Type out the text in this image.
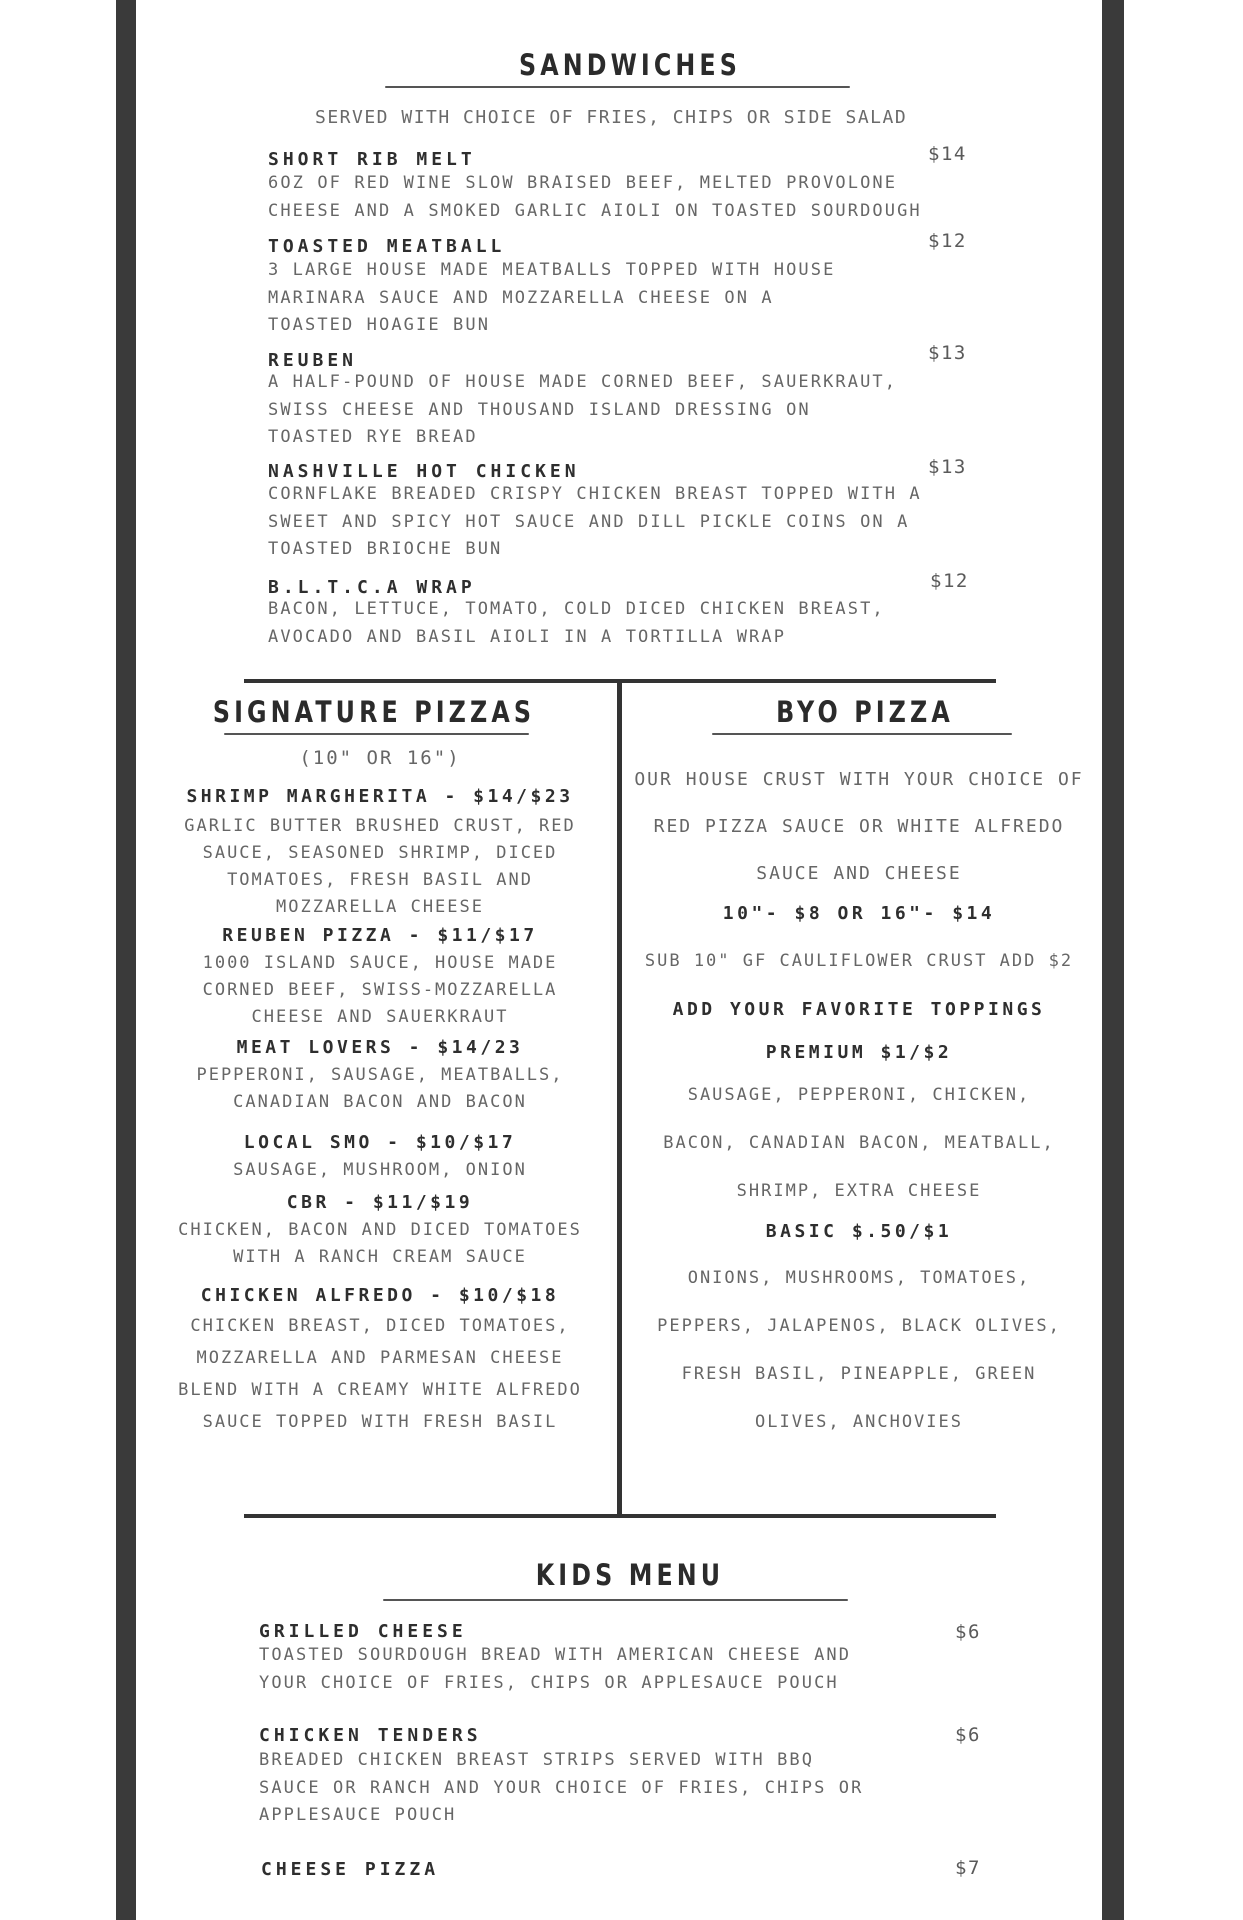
SANDWICHES
SERVED WITH CHOICE OF FRIES, CHIPS OR SIDE SALAD
SHORT RIB MELT	$14
6OZ OF RED WINE SLOW BRAISED BEEF, MELTED PROVOLONE
CHEESE AND A SMOKED GARLIC AIOLI ON TOASTED SOURDOUGH
TOASTED MEATBALL	$12
3 LARGE HOUSE MADE MEATBALLS TOPPED WITH HOUSE
MARINARA SAUCE AND MOZZARELLA CHEESE ON A
TOASTED HOAGIE BUN
REUBEN	$13
A HALF-POUND OF HOUSE MADE CORNED BEEF, SAUERKRAUT,
SWISS CHEESE AND THOUSAND ISLAND DRESSING ON
TOASTED RYE BREAD
NASHVILLE HOT CHICKEN	$13
CORNFLAKE BREADED CRISPY CHICKEN BREAST TOPPED WITH A
SWEET AND SPICY HOT SAUCE AND DILL PICKLE COINS ON A
TOASTED BRIOCHE BUN
B.L.T.C.A WRAP	$12
BACON, LETTUCE, TOMATO, COLD DICED CHICKEN BREAST,
AVOCADO AND BASIL AIOLI IN A TORTILLA WRAP
SIGNATURE PIZZAS
(10" OR 16")
SHRIMP MARGHERITA - $14/$23
GARLIC BUTTER BRUSHED CRUST, RED
SAUCE, SEASONED SHRIMP, DICED
TOMATOES, FRESH BASIL AND
MOZZARELLA CHEESE
REUBEN PIZZA - $11/$17
1000 ISLAND SAUCE, HOUSE MADE
CORNED BEEF, SWISS-MOZZARELLA
CHEESE AND SAUERKRAUT
MEAT LOVERS - $14/23
PEPPERONI, SAUSAGE, MEATBALLS,
CANADIAN BACON AND BACON
LOCAL SMO - $10/$17
SAUSAGE, MUSHROOM, ONION
CBR - $11/$19
CHICKEN, BACON AND DICED TOMATOES
WITH A RANCH CREAM SAUCE
CHICKEN ALFREDO - $10/$18
CHICKEN BREAST, DICED TOMATOES,
MOZZARELLA AND PARMESAN CHEESE
BLEND WITH A CREAMY WHITE ALFREDO
SAUCE TOPPED WITH FRESH BASIL
BYO PIZZA
OUR HOUSE CRUST WITH YOUR CHOICE OF
RED PIZZA SAUCE OR WHITE ALFREDO
SAUCE AND CHEESE
10"- $8 OR 16"- $14
SUB 10" GF CAULIFLOWER CRUST ADD $2
ADD YOUR FAVORITE TOPPINGS
PREMIUM $1/$2
SAUSAGE, PEPPERONI, CHICKEN,
BACON, CANADIAN BACON, MEATBALL,
SHRIMP, EXTRA CHEESE
BASIC $.50/$1
ONIONS, MUSHROOMS, TOMATOES,
PEPPERS, JALAPENOS, BLACK OLIVES,
FRESH BASIL, PINEAPPLE, GREEN
OLIVES, ANCHOVIES
KIDS MENU
GRILLED CHEESE	$6
TOASTED SOURDOUGH BREAD WITH AMERICAN CHEESE AND
YOUR CHOICE OF FRIES, CHIPS OR APPLESAUCE POUCH
CHICKEN TENDERS	$6
BREADED CHICKEN BREAST STRIPS SERVED WITH BBQ
SAUCE OR RANCH AND YOUR CHOICE OF FRIES, CHIPS OR
APPLESAUCE POUCH
CHEESE PIZZA	$7
